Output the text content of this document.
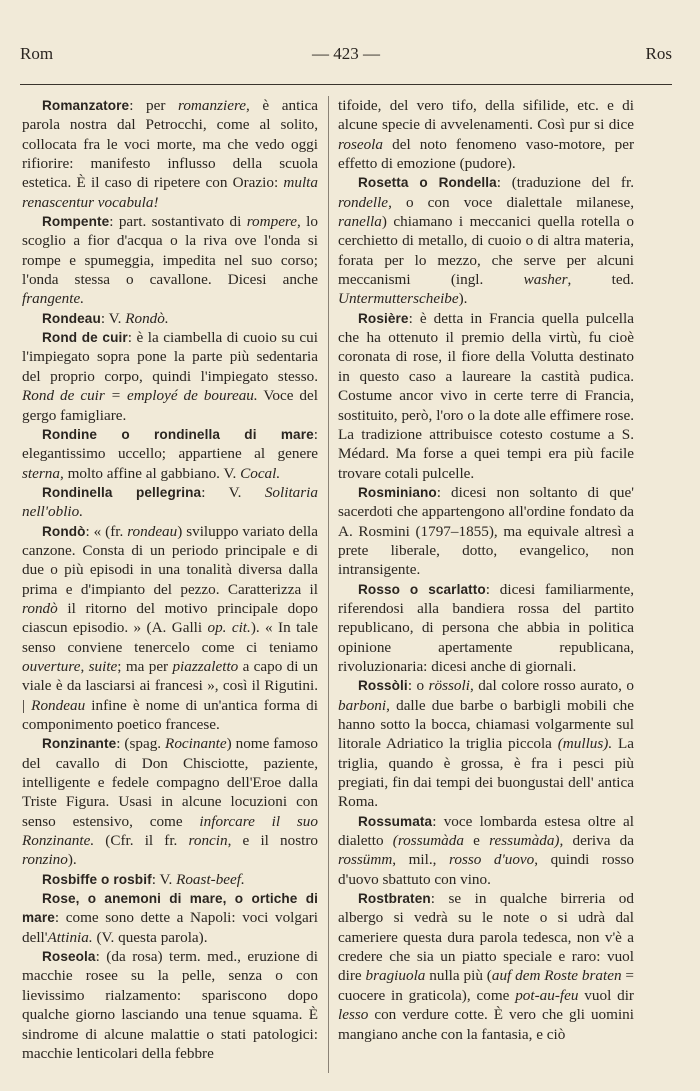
Rom	— 423 —	Ros

Romanzatore: per romanziere, è antica parola nostra dal Petrocchi, come al solito, collocata fra le voci morte, ma che vedo oggi rifiorire: manifesto influsso della scuola estetica. È il caso di ripetere con Orazio: multa renascentur vocabula!

Rompente: part. sostantivato di rompere, lo scoglio a fior d'acqua o la riva ove l'onda si rompe e spumeggia, impedita nel suo corso; l'onda stessa o cavallone. Dicesi anche frangente.

Rondeau: V. Rondò.

Rond de cuir: è la ciambella di cuoio su cui l'impiegato sopra pone la parte più sedentaria del proprio corpo, quindi l'impiegato stesso. Rond de cuir = employé de boureau. Voce del gergo famigliare.

Rondine o rondinella di mare: elegantissimo uccello; appartiene al genere sterna, molto affine al gabbiano. V. Cocal.

Rondinella pellegrina: V. Solitaria nell'oblio.

Rondò: « (fr. rondeau) sviluppo variato della canzone. Consta di un periodo principale e di due o più episodi in una tonalità diversa dalla prima e d'impianto del pezzo. Caratterizza il rondò il ritorno del motivo principale dopo ciascun episodio. » (A. Galli op. cit.). « In tale senso conviene tenercelo come ci teniamo ouverture, suite; ma per piazzaletto a capo di un viale è da lasciarsi ai francesi », così il Rigutini. | Rondeau infine è nome di un'antica forma di componimento poetico francese.

Ronzinante: (spag. Rocinante) nome famoso del cavallo di Don Chisciotte, paziente, intelligente e fedele compagno dell'Eroe dalla Triste Figura. Usasi in alcune locuzioni con senso estensivo, come inforcare il suo Ronzinante. (Cfr. il fr. roncin, e il nostro ronzino).

Rosbiffe o rosbif: V. Roast-beef.

Rose, o anemoni di mare, o ortiche di mare: come sono dette a Napoli: voci volgari dell'Attinia. (V. questa parola).

Roseola: (da rosa) term. med., eruzione di macchie rosee su la pelle, senza o con lievissimo rialzamento: spariscono dopo qualche giorno lasciando una tenue squama. È sindrome di alcune malattie o stati patologici: macchie lenticolari della febbre

tifoide, del vero tifo, della sifilide, etc. e di alcune specie di avvelenamenti. Così pur si dice roseola del noto fenomeno vaso-motore, per effetto di emozione (pudore).

Rosetta o Rondella: (traduzione del fr. rondelle, o con voce dialettale milanese, ranella) chiamano i meccanici quella rotella o cerchietto di metallo, di cuoio o di altra materia, forata per lo mezzo, che serve per alcuni meccanismi (ingl. washer, ted. Untermutterscheibe).

Rosière: è detta in Francia quella pulcella che ha ottenuto il premio della virtù, fu cioè coronata di rose, il fiore della Volutta destinato in questo caso a laureare la castità pudica. Costume ancor vivo in certe terre di Francia, sostituito, però, l'oro o la dote alle effimere rose. La tradizione attribuisce cotesto costume a S. Médard. Ma forse a quei tempi era più facile trovare cotali pulcelle.

Rosminiano: dicesi non soltanto di que' sacerdoti che appartengono all'ordine fondato da A. Rosmini (1797–1855), ma equivale altresì a prete liberale, dotto, evangelico, non intransigente.

Rosso o scarlatto: dicesi familiarmente, riferendosi alla bandiera rossa del partito republicano, di persona che abbia in politica opinione apertamente republicana, rivoluzionaria: dicesi anche di giornali.

Rossòli: o rössoli, dal colore rosso aurato, o barboni, dalle due barbe o barbigli mobili che hanno sotto la bocca, chiamasi volgarmente sul litorale Adriatico la triglia piccola (mullus). La triglia, quando è grossa, è fra i pesci più pregiati, fin dai tempi dei buongustai dell' antica Roma.

Rossumata: voce lombarda estesa oltre al dialetto (rossumàda e ressumàda), deriva da rossümm, mil., rosso d'uovo, quindi rosso d'uovo sbattuto con vino.

Rostbraten: se in qualche birreria od albergo si vedrà su le note o si udrà dal cameriere questa dura parola tedesca, non v'è a credere che sia un piatto speciale e raro: vuol dire bragiuola nulla più (auf dem Roste braten = cuocere in graticola), come pot-au-feu vuol dir lesso con verdure cotte. È vero che gli uomini mangiano anche con la fantasia, e ciò
